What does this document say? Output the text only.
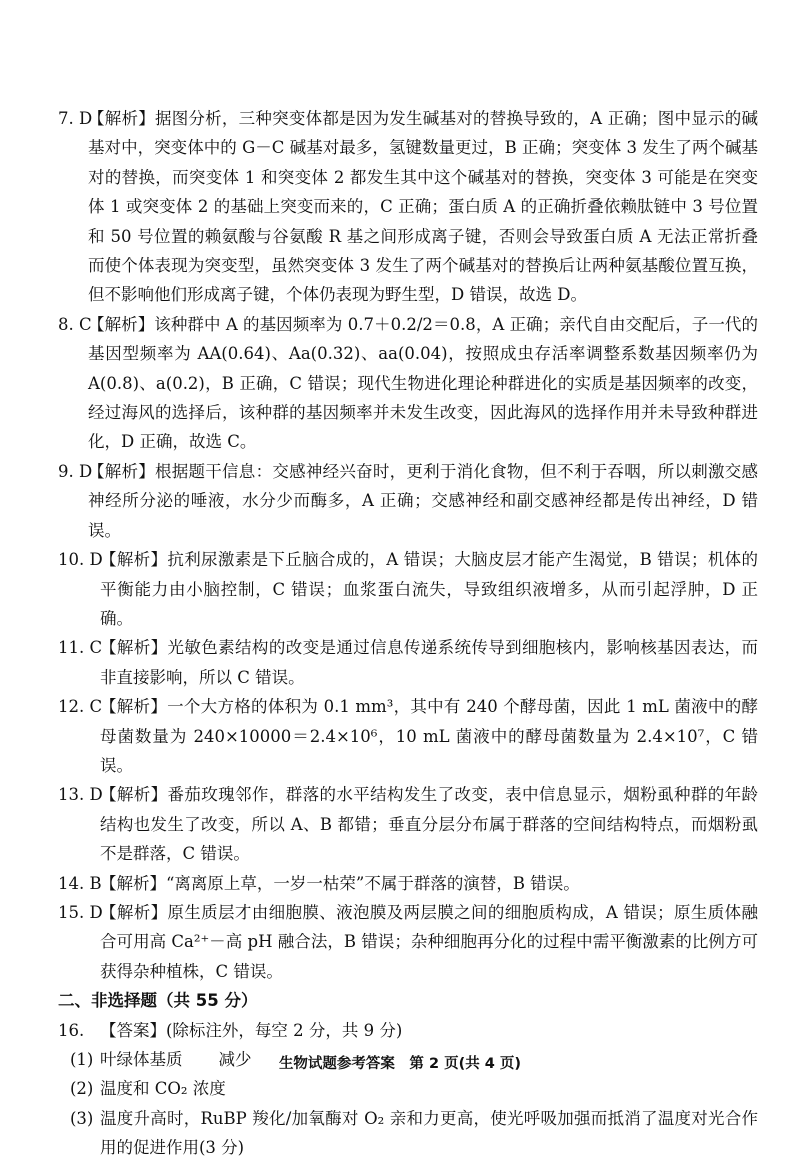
7. D
【解析】据图分析，三种突变体都是因为发生碱基对的替换导致的，A 正确；图中显示的碱基对中，突变体中的 G－C 碱基对最多，氢键数量更过，B 正确；突变体 3 发生了两个碱基对的替换，而突变体 1 和突变体 2 都发生其中这个碱基对的替换，突变体 3 可能是在突变体 1 或突变体 2 的基础上突变而来的，C 正确；蛋白质 A 的正确折叠依赖肽链中 3 号位置和 50 号位置的赖氨酸与谷氨酸 R 基之间形成离子键，否则会导致蛋白质 A 无法正常折叠而使个体表现为突变型，虽然突变体 3 发生了两个碱基对的替换后让两种氨基酸位置互换，但不影响他们形成离子键，个体仍表现为野生型，D 错误，故选 D。
8. C
【解析】该种群中 A 的基因频率为 0.7＋0.2/2＝0.8，A 正确；亲代自由交配后，子一代的基因型频率为 AA(0.64)、Aa(0.32)、aa(0.04)，按照成虫存活率调整系数基因频率仍为 A(0.8)、a(0.2)，B 正确，C 错误；现代生物进化理论种群进化的实质是基因频率的改变，经过海风的选择后，该种群的基因频率并未发生改变，因此海风的选择作用并未导致种群进化，D 正确，故选 C。
9. D
【解析】根据题干信息：交感神经兴奋时，更利于消化食物，但不利于吞咽，所以刺激交感神经所分泌的唾液，水分少而酶多，A 正确；交感神经和副交感神经都是传出神经，D 错误。
10. D
【解析】抗利尿激素是下丘脑合成的，A 错误；大脑皮层才能产生渴觉，B 错误；机体的平衡能力由小脑控制，C 错误；血浆蛋白流失，导致组织液增多，从而引起浮肿，D 正确。
11. C
【解析】光敏色素结构的改变是通过信息传递系统传导到细胞核内，影响核基因表达，而非直接影响，所以 C 错误。
12. C
【解析】一个大方格的体积为 0.1 mm³，其中有 240 个酵母菌，因此 1 mL 菌液中的酵母菌数量为 240×10000＝2.4×10⁶，10 mL 菌液中的酵母菌数量为 2.4×10⁷，C 错误。
13. D
【解析】番茄玫瑰邻作，群落的水平结构发生了改变，表中信息显示，烟粉虱种群的年龄结构也发生了改变，所以 A、B 都错；垂直分层分布属于群落的空间结构特点，而烟粉虱不是群落，C 错误。
14. B
【解析】“离离原上草，一岁一枯荣”不属于群落的演替，B 错误。
15. D
【解析】原生质层才由细胞膜、液泡膜及两层膜之间的细胞质构成，A 错误；原生质体融合可用高 Ca²⁺－高 pH 融合法，B 错误；杂种细胞再分化的过程中需平衡激素的比例方可获得杂种植株，C 错误。
二、非选择题（共 55 分）
16. 【答案】(除标注外，每空 2 分，共 9 分)
(1) 叶绿体基质 减少
(2) 温度和 CO₂ 浓度
(3) 温度升高时，RuBP 羧化/加氧酶对 O₂ 亲和力更高，使光呼吸加强而抵消了温度对光合作用的促进作用(3 分)
生物试题参考答案　第 2 页(共 4 页)
